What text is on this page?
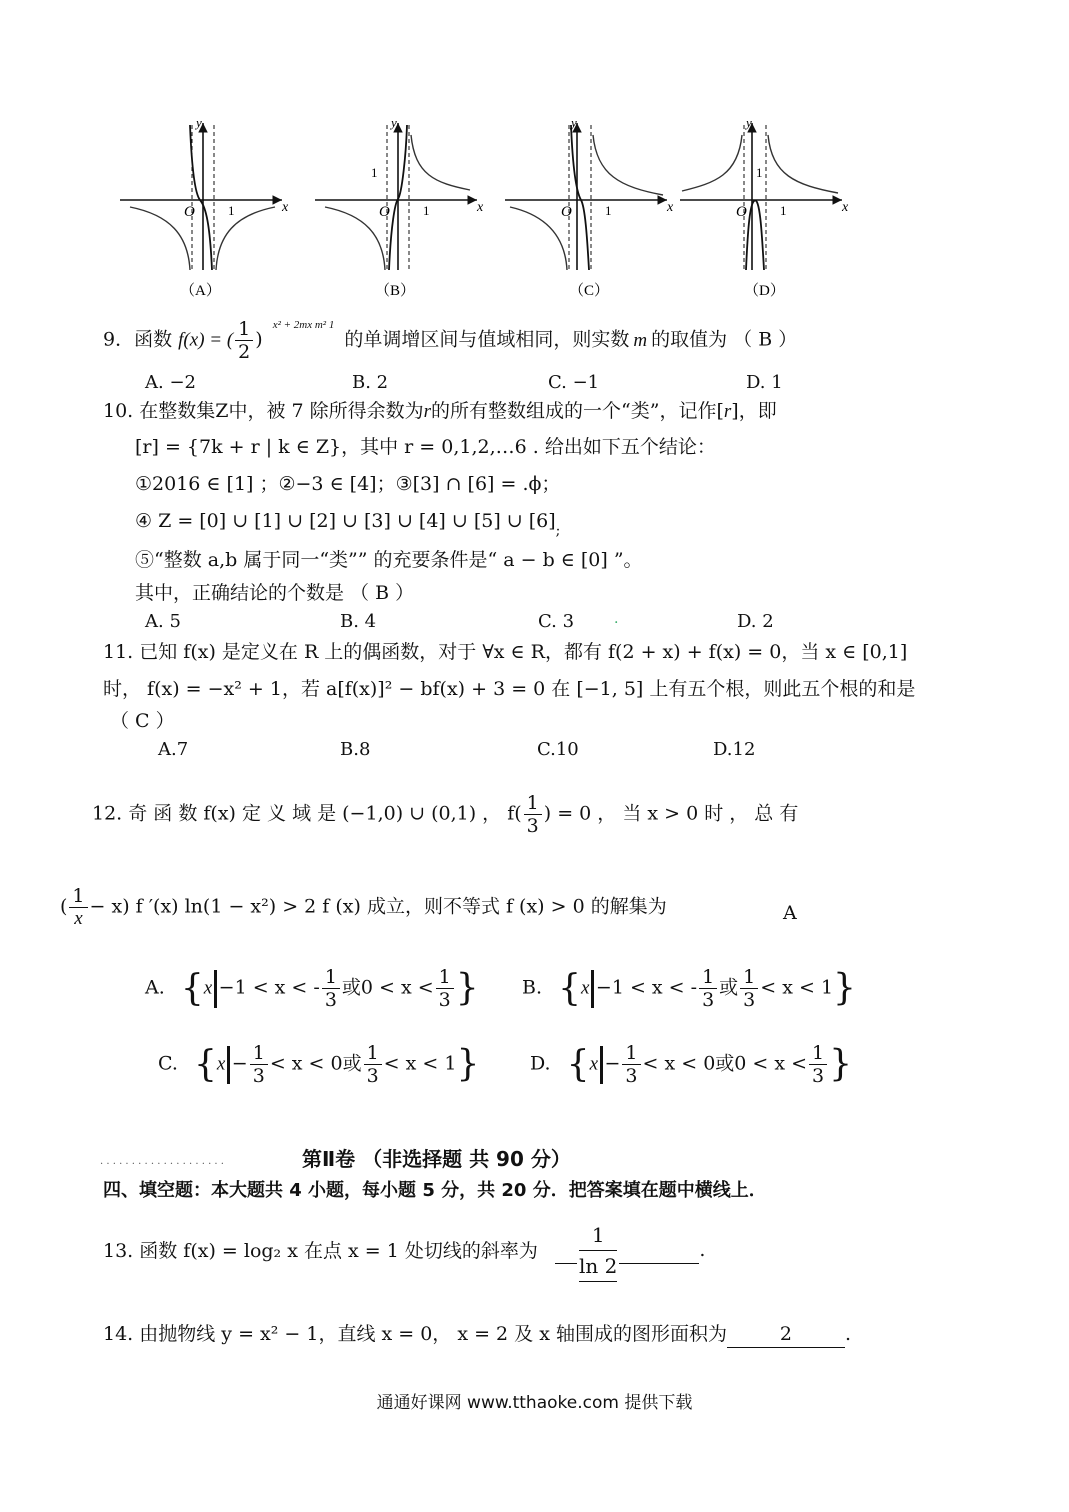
y
x
O	1
（A）
y
x
1
O	1
（B）
y
x
O	1
（C）
y
x
1
O	1
（D）
9．函数 f(x) = ( $\frac{1}{2} )^{x^2 + 2mx m^2 1}$的单调增区间与值域相同，则实数 m 的取值为 （ B ）
A. −2	B. 2	C. −1	D. 1
10. 在整数集Z中，被 7 除所得余数为r的所有整数组成的一个“类”，记作[r]，即
[r] = {7k + r | k ∈ Z}，其中 r = 0,1,2,…6 . 给出如下五个结论：
①2016 ∈ [1] ；②−3 ∈ [4]；③[3] ∩ [6] = .ϕ；
④ Z = [0] ∪ [1] ∪ [2] ∪ [3] ∪ [4] ∪ [5] ∪ $[6]_;$
⑤“整数 a,b 属于同一“类”” 的充要条件是“ a − b ∈ [0] ”。
其中，正确结论的个数是 （ B ）
A. 5	B. 4	C. 3	.	D. 2
11. 已知 f(x) 是定义在 R 上的偶函数，对于 ∀x ∈ R，都有 f(2 + x) + f(x) = 0，当 x ∈ [0,1]
时， f(x) = −x² + 1，若 a[f(x)]² − bf(x) + 3 = 0 在 [−1, 5] 上有五个根，则此五个根的和是
（ C ）
A.7	B.8	C.10	D.12
12. 奇 函 数 f(x) 定 义 域 是 (−1,0) ∪ (0,1) ， $f( \frac{1}{3}$ ) = 0 ， 当 x > 0 时 ， 总 有
( $\frac{1}{x} - x$) f ′(x) ln(1 − x²) > 2 f (x) 成立，则不等式 f (x) > 0 的解集为	A
A. {x −1 < x < - $\frac{1}{3}$ 或$0 < x < \frac{1}{3}$ } B. {x −1 < x < - $\frac{1}{3}$ 或 $\frac{1}{3} < x < 1$}
C. {$x - \frac{1}{3} < x < 0$或 $\frac{1}{3} < x < 1$}	D. {$x - \frac{1}{3} < x < 0$或$0 < x < \frac{1}{3}$ }
. . . . . . . . . . . . . . . . . . . .	第Ⅱ卷 （非选择题 共 90 分）
四、填空题：本大题共 4 小题，每小题 5 分，共 20 分．把答案填在题中横线上．
13. 函数 f(x) = log₂ x 在点 x = 1 处切线的斜率为
$\frac{1}{\ln 2}$	.
14. 由抛物线 y = x² − 1，直线 x = 0， x = 2 及 x 轴围成的图形面积为	2	.
通通好课网 www.tthaoke.com 提供下载
